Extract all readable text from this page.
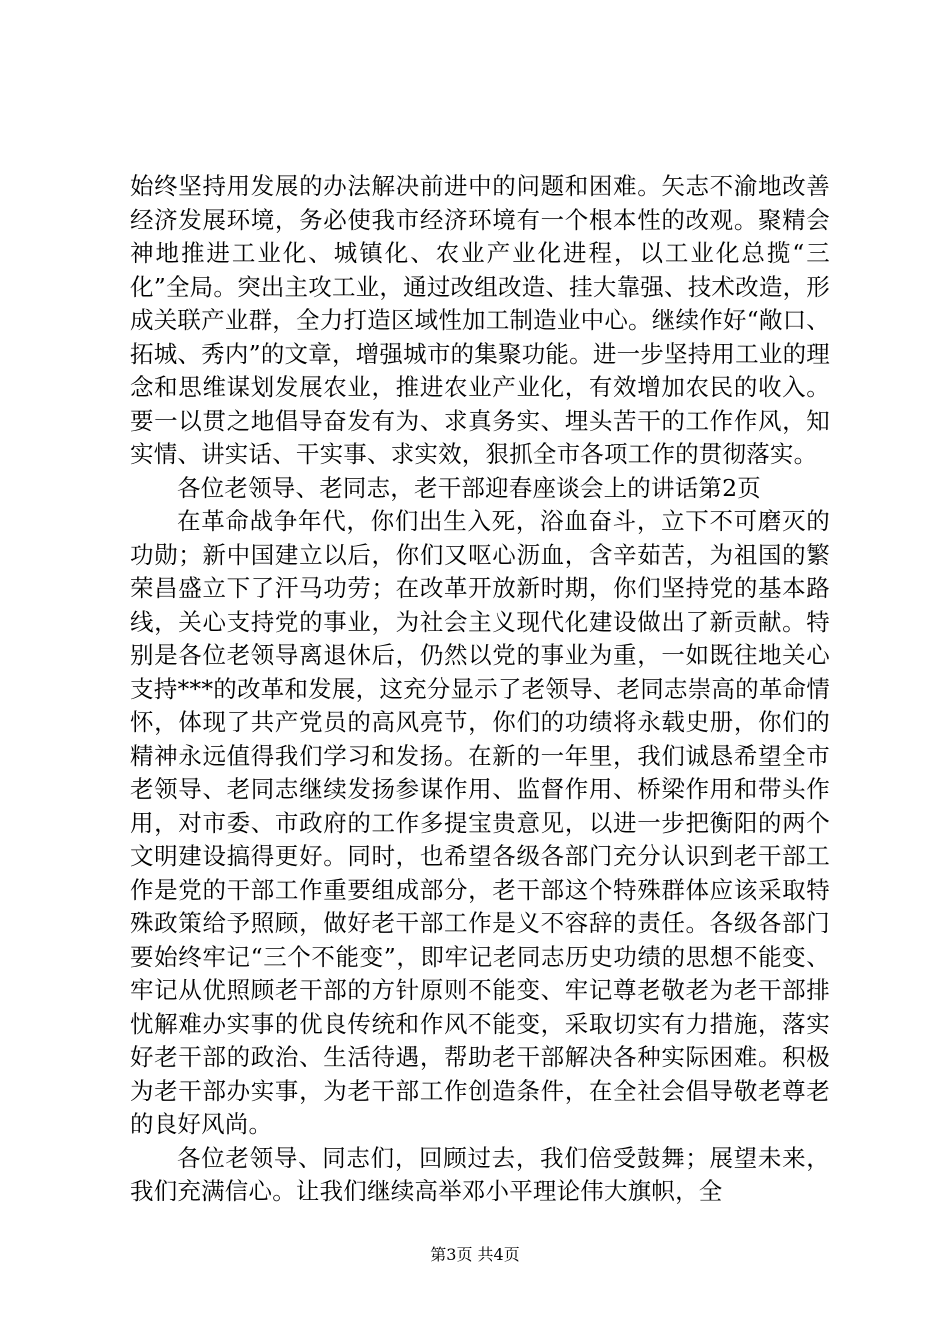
始终坚持用发展的办法解决前进中的问题和困难。矢志不渝地改善经济发展环境，务必使我市经济环境有一个根本性的改观。聚精会神地推进工业化、城镇化、农业产业化进程，以工业化总揽“三化”全局。突出主攻工业，通过改组改造、挂大靠强、技术改造，形成关联产业群，全力打造区域性加工制造业中心。继续作好“敞口、拓城、秀内”的文章，增强城市的集聚功能。进一步坚持用工业的理念和思维谋划发展农业，推进农业产业化，有效增加农民的收入。要一以贯之地倡导奋发有为、求真务实、埋头苦干的工作作风，知实情、讲实话、干实事、求实效，狠抓全市各项工作的贯彻落实。

各位老领导、老同志，老干部迎春座谈会上的讲话第2页

在革命战争年代，你们出生入死，浴血奋斗，立下不可磨灭的功勋；新中国建立以后，你们又呕心沥血，含辛茹苦，为祖国的繁荣昌盛立下了汗马功劳；在改革开放新时期，你们坚持党的基本路线，关心支持党的事业，为社会主义现代化建设做出了新贡献。特别是各位老领导离退休后，仍然以党的事业为重，一如既往地关心支持***的改革和发展，这充分显示了老领导、老同志崇高的革命情怀，体现了共产党员的高风亮节，你们的功绩将永载史册，你们的精神永远值得我们学习和发扬。在新的一年里，我们诚恳希望全市老领导、老同志继续发扬参谋作用、监督作用、桥梁作用和带头作用，对市委、市政府的工作多提宝贵意见，以进一步把衡阳的两个文明建设搞得更好。同时，也希望各级各部门充分认识到老干部工作是党的干部工作重要组成部分，老干部这个特殊群体应该采取特殊政策给予照顾，做好老干部工作是义不容辞的责任。各级各部门要始终牢记“三个不能变”，即牢记老同志历史功绩的思想不能变、牢记从优照顾老干部的方针原则不能变、牢记尊老敬老为老干部排忧解难办实事的优良传统和作风不能变，采取切实有力措施，落实好老干部的政治、生活待遇，帮助老干部解决各种实际困难。积极为老干部办实事，为老干部工作创造条件，在全社会倡导敬老尊老的良好风尚。

各位老领导、同志们，回顾过去，我们倍受鼓舞；展望未来，我们充满信心。让我们继续高举邓小平理论伟大旗帜，全

第3页 共4页
